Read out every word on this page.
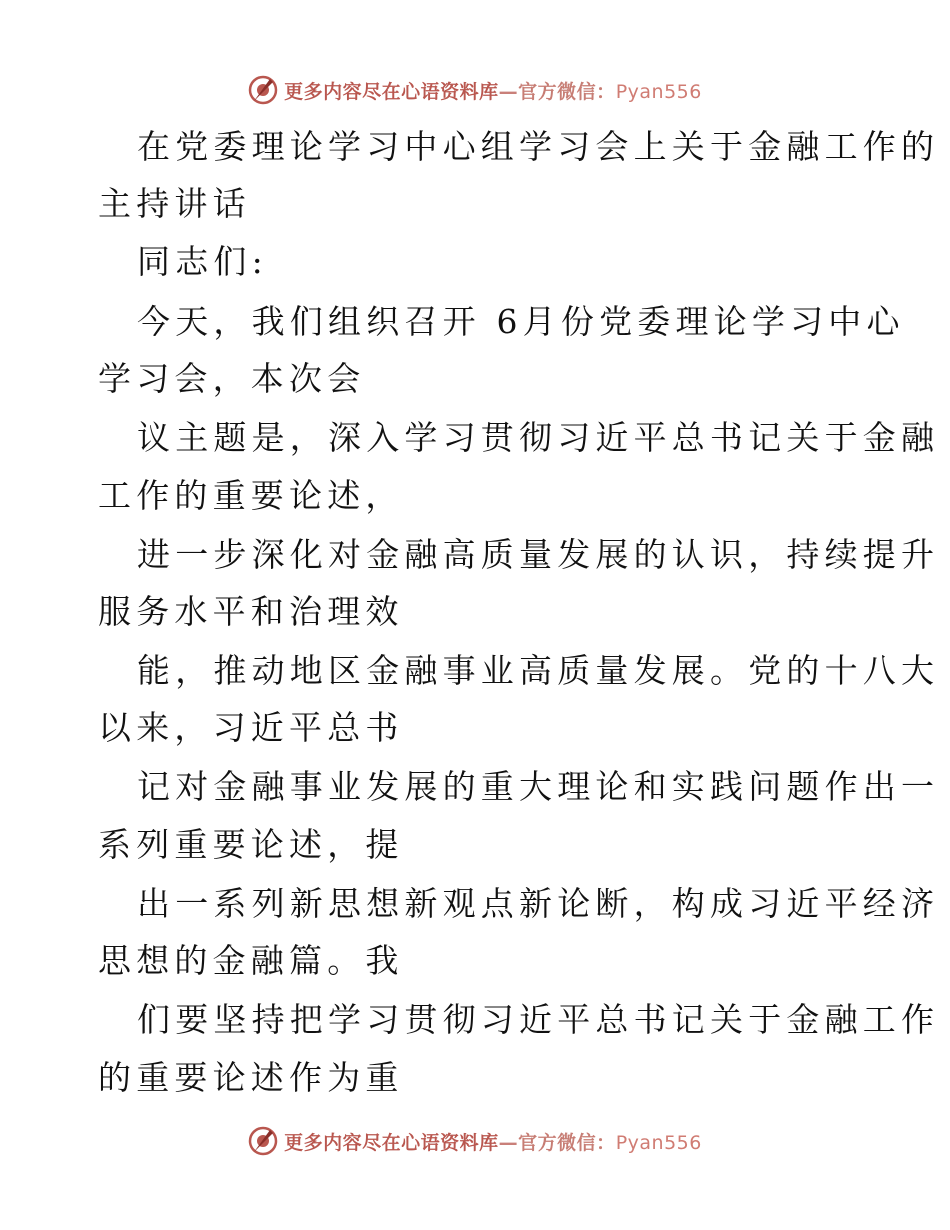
更多内容尽在心语资料库—官方微信：Pyan556
在党委理论学习中心组学习会上关于金融工作的
主持讲话
同志们:
今天，我们组织召开 6月份党委理论学习中心
学习会，本次会
议主题是，深入学习贯彻习近平总书记关于金融
工作的重要论述，
进一步深化对金融高质量发展的认识，持续提升
服务水平和治理效
能，推动地区金融事业高质量发展。党的十八大
以来，习近平总书
记对金融事业发展的重大理论和实践问题作出一
系列重要论述，提
出一系列新思想新观点新论断，构成习近平经济
思想的金融篇。我
们要坚持把学习贯彻习近平总书记关于金融工作
的重要论述作为重
更多内容尽在心语资料库—官方微信：Pyan556
